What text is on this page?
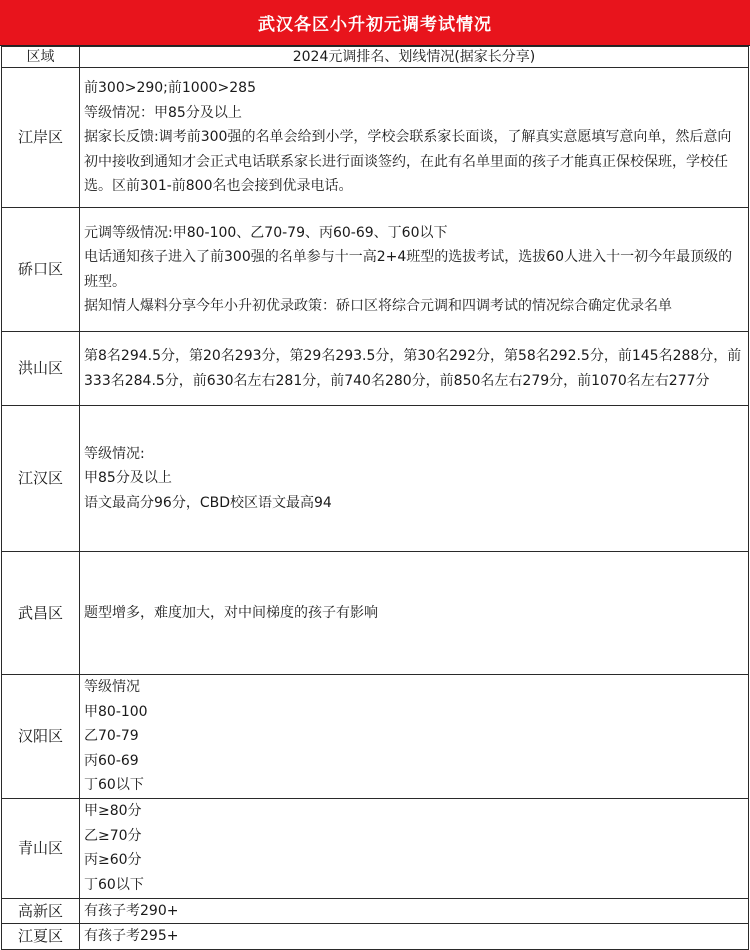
武汉各区小升初元调考试情况
区域	2024元调排名、划线情况(据家长分享)
江岸区	前300>290;前1000>285
等级情况：甲85分及以上
据家长反馈:调考前300强的名单会给到小学，学校会联系家长面谈，了解真实意愿填写意向单，然后意向初中接收到通知才会正式电话联系家长进行面谈签约，在此有名单里面的孩子才能真正保校保班，学校任选。区前301-前800名也会接到优录电话。

硚口区	元调等级情况:甲80-100、乙70-79、丙60-69、丁60以下
电话通知孩子进入了前300强的名单参与十一高2+4班型的选拔考试，选拔60人进入十一初今年最顶级的班型。
据知情人爆料分享今年小升初优录政策：硚口区将综合元调和四调考试的情况综合确定优录名单

洪山区	第8名294.5分，第20名293分，第29名293.5分，第30名292分，第58名292.5分，前145名288分，前333名284.5分，前630名左右281分，前740名280分，前850名左右279分，前1070名左右277分

江汉区	等级情况:
甲85分及以上
语文最高分96分，CBD校区语文最高94

武昌区	题型增多，难度加大，对中间梯度的孩子有影响

汉阳区	等级情况
甲80-100
乙70-79
丙60-69
丁60以下

青山区	甲≥80分
乙≥70分
丙≥60分
丁60以下

高新区	有孩子考290+

江夏区	有孩子考295+
